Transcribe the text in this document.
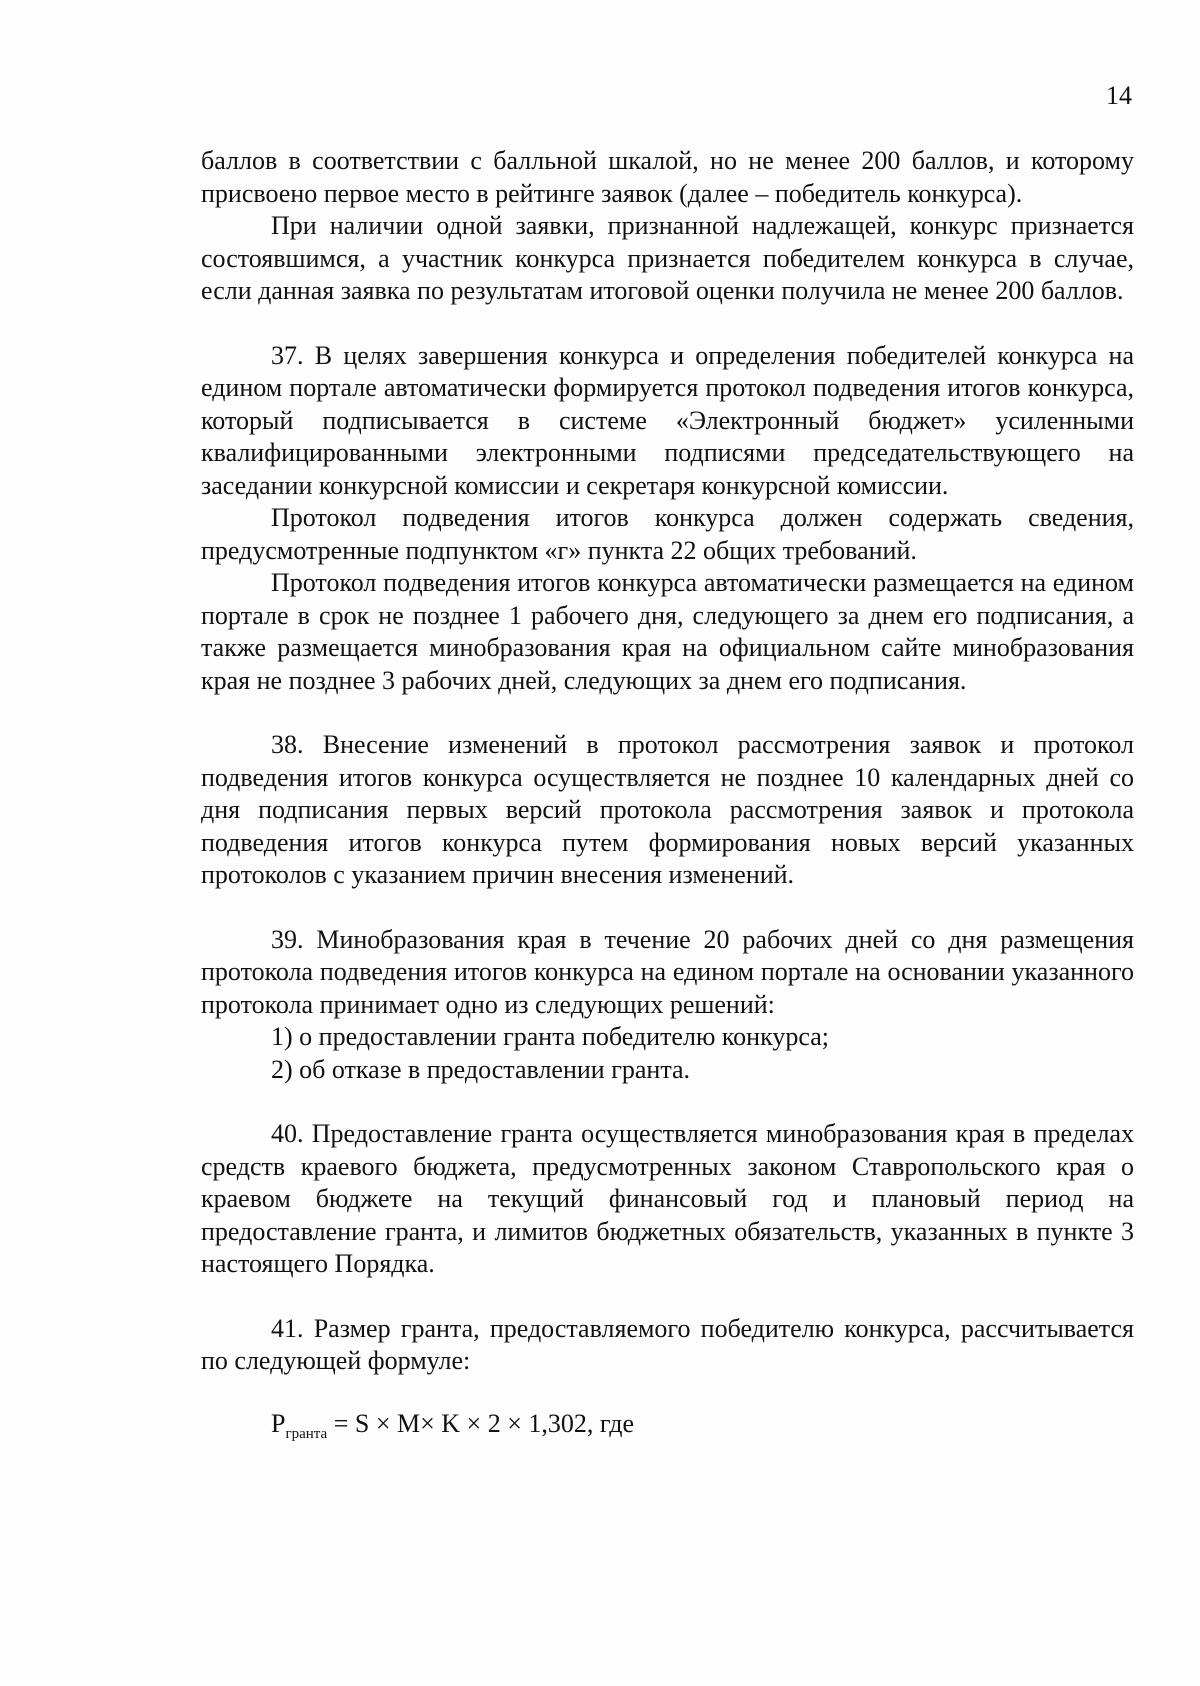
14

баллов в соответствии с балльной шкалой, но не менее 200 баллов, и которому присвоено первое место в рейтинге заявок (далее – победитель конкурса).

При наличии одной заявки, признанной надлежащей, конкурс признается состоявшимся, а участник конкурса признается победителем конкурса в случае, если данная заявка по результатам итоговой оценки получила не менее 200 баллов.

37. В целях завершения конкурса и определения победителей конкурса на едином портале автоматически формируется протокол подведения итогов конкурса, который подписывается в системе «Электронный бюджет» усиленными квалифицированными электронными подписями председательствующего на заседании конкурсной комиссии и секретаря конкурсной комиссии.

Протокол подведения итогов конкурса должен содержать сведения, предусмотренные подпунктом «г» пункта 22 общих требований.

Протокол подведения итогов конкурса автоматически размещается на едином портале в срок не позднее 1 рабочего дня, следующего за днем его подписания, а также размещается минобразования края на официальном сайте минобразования края не позднее 3 рабочих дней, следующих за днем его подписания.

38. Внесение изменений в протокол рассмотрения заявок и протокол подведения итогов конкурса осуществляется не позднее 10 календарных дней со дня подписания первых версий протокола рассмотрения заявок и протокола подведения итогов конкурса путем формирования новых версий указанных протоколов с указанием причин внесения изменений.

39. Минобразования края в течение 20 рабочих дней со дня размещения протокола подведения итогов конкурса на едином портале на основании указанного протокола принимает одно из следующих решений:

1) о предоставлении гранта победителю конкурса;

2) об отказе в предоставлении гранта.

40. Предоставление гранта осуществляется минобразования края в пределах средств краевого бюджета, предусмотренных законом Ставропольского края о краевом бюджете на текущий финансовый год и плановый период на предоставление гранта, и лимитов бюджетных обязательств, указанных в пункте 3 настоящего Порядка.

41. Размер гранта, предоставляемого победителю конкурса, рассчитывается по следующей формуле:

$P_{гранта} = S \times M\times K \times 2 \times 1,302$, где
